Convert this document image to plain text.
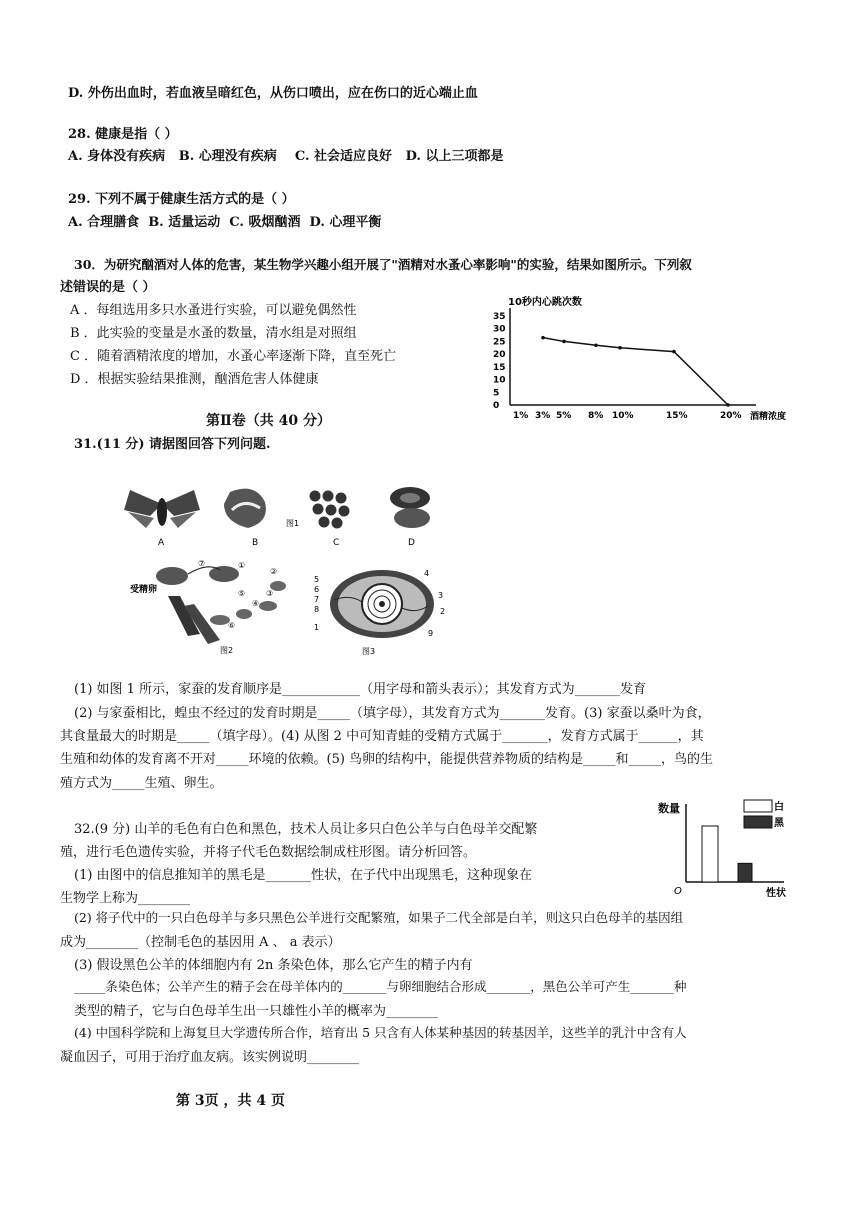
D. 外伤出血时，若血液呈暗红色，从伤口喷出，应在伤口的近心端止血
28. 健康是指（ ）
A. 身体没有疾病   B. 心理没有疾病    C. 社会适应良好   D. 以上三项都是
29. 下列不属于健康生活方式的是（ ）
A. 合理膳食  B. 适量运动  C. 吸烟酗酒  D. 心理平衡
30．为研究酗酒对人体的危害，某生物学兴趣小组开展了"酒精对水蚤心率影响"的实验，结果如图所示。下列叙
述错误的是（ ）
A ．每组选用多只水蚤进行实验，可以避免偶然性
B ．此实验的变量是水蚤的数量，清水组是对照组
C ．随着酒精浓度的增加，水蚤心率逐渐下降，直至死亡
D ．根据实验结果推测，酗酒危害人体健康
10秒内心跳次数
35
30
25
20
15
10
5
0
1% 3% 5% 8% 10%	15%	20% 酒精浓度
第Ⅱ卷（共 40 分）
31.(11 分) 请据图回答下列问题.
A	B	C	D
图1
受精卵
⑦	①
②
③
④
⑤
⑥
图2
5
6
7
8
1
4
3
2
9
图3
(1) 如图 1 所示，家蚕的发育顺序是____________（用字母和箭头表示）；其发育方式为_______发育
(2) 与家蚕相比，蝗虫不经过的发育时期是_____（填字母），其发育方式为_______发育。(3) 家蚕以桑叶为食，
其食量最大的时期是_____（填字母）。(4) 从图 2 中可知青蛙的受精方式属于_______，发育方式属于______，其
生殖和幼体的发育离不开对_____环境的依赖。(5) 鸟卵的结构中，能提供营养物质的结构是_____和_____，鸟的生
殖方式为_____生殖、卵生。
32.(9 分) 山羊的毛色有白色和黑色，技术人员让多只白色公羊与白色母羊交配繁
殖，进行毛色遗传实验，并将子代毛色数据绘制成柱形图。请分析回答。
(1) 由图中的信息推知羊的黑毛是_______性状，在子代中出现黑毛，这种现象在
生物学上称为________
(2) 将子代中的一只白色母羊与多只黑色公羊进行交配繁殖，如果子二代全部是白羊，则这只白色母羊的基因组
成为________（控制毛色的基因用 A 、 a 表示）
(3) 假设黑色公羊的体细胞内有 2n 条染色体，那么它产生的精子内有
_____条染色体；公羊产生的精子会在母羊体内的_______与卵细胞结合形成_______，黑色公羊可产生_______种
类型的精子，它与白色母羊生出一只雄性小羊的概率为________
(4) 中国科学院和上海复旦大学遗传所合作，培育出 5 只含有人体某种基因的转基因羊，这些羊的乳汁中含有人
凝血因子，可用于治疗血友病。该实例说明________
数量
O	性状
白
黑
第 3页 ，共 4 页
